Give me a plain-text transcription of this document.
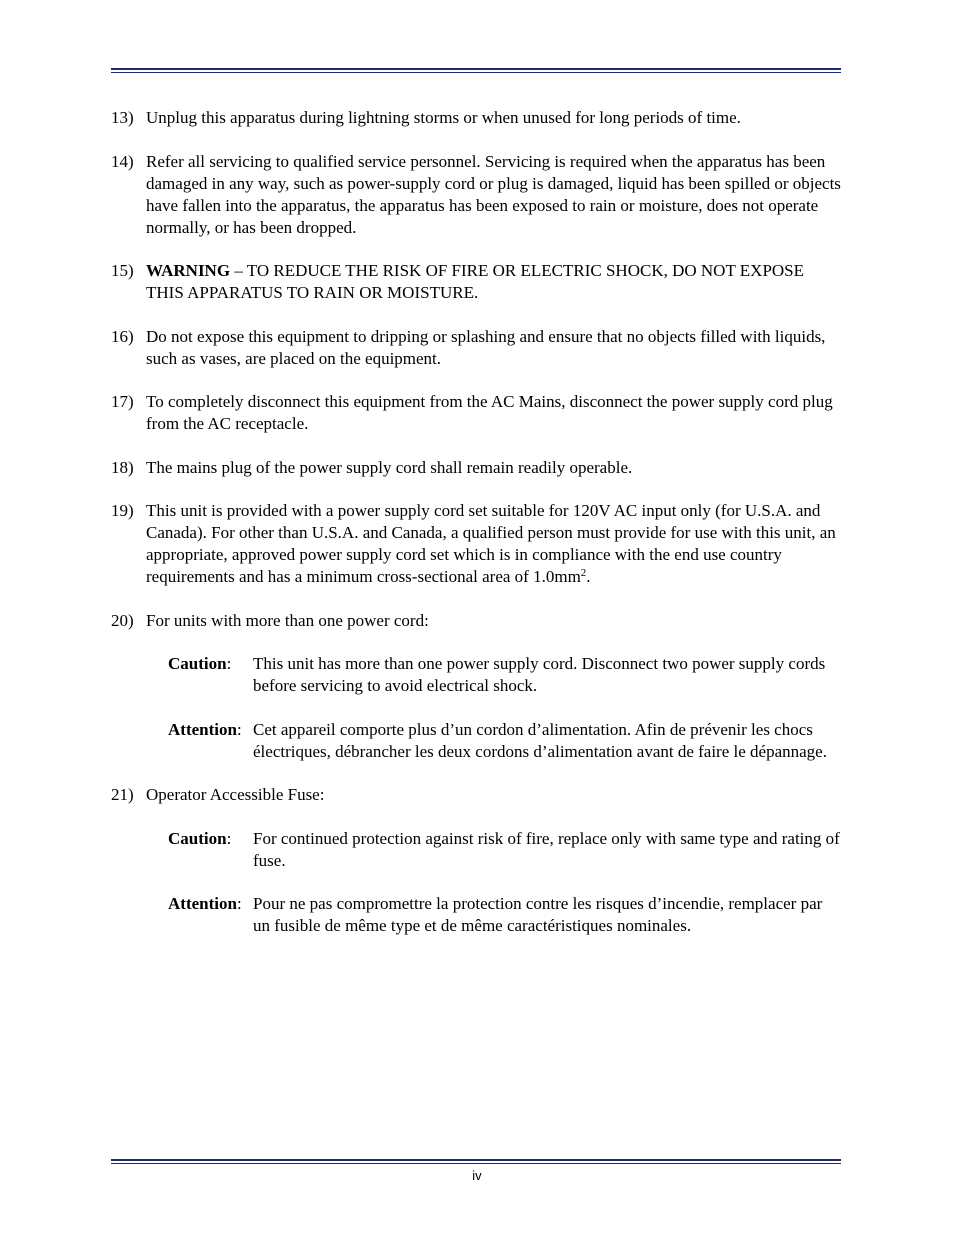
13) Unplug this apparatus during lightning storms or when unused for long periods of time.
14) Refer all servicing to qualified service personnel. Servicing is required when the apparatus has been damaged in any way, such as power-supply cord or plug is damaged, liquid has been spilled or objects have fallen into the apparatus, the apparatus has been exposed to rain or moisture, does not operate normally, or has been dropped.
15) WARNING – TO REDUCE THE RISK OF FIRE OR ELECTRIC SHOCK, DO NOT EXPOSE THIS APPARATUS TO RAIN OR MOISTURE.
16) Do not expose this equipment to dripping or splashing and ensure that no objects filled with liquids, such as vases, are placed on the equipment.
17) To completely disconnect this equipment from the AC Mains, disconnect the power supply cord plug from the AC receptacle.
18) The mains plug of the power supply cord shall remain readily operable.
19) This unit is provided with a power supply cord set suitable for 120V AC input only (for U.S.A. and Canada). For other than U.S.A. and Canada, a qualified person must provide for use with this unit, an appropriate, approved power supply cord set which is in compliance with the end use country requirements and has a minimum cross-sectional area of $1.0mm^2$.
20) For units with more than one power cord:
Caution: This unit has more than one power supply cord. Disconnect two power supply cords before servicing to avoid electrical shock.
Attention: Cet appareil comporte plus d’un cordon d’alimentation. Afin de prévenir les chocs électriques, débrancher les deux cordons d’alimentation avant de faire le dépannage.
21) Operator Accessible Fuse:
Caution: For continued protection against risk of fire, replace only with same type and rating of fuse.
Attention: Pour ne pas compromettre la protection contre les risques d’incendie, remplacer par un fusible de même type et de même caractéristiques nominales.
iv
